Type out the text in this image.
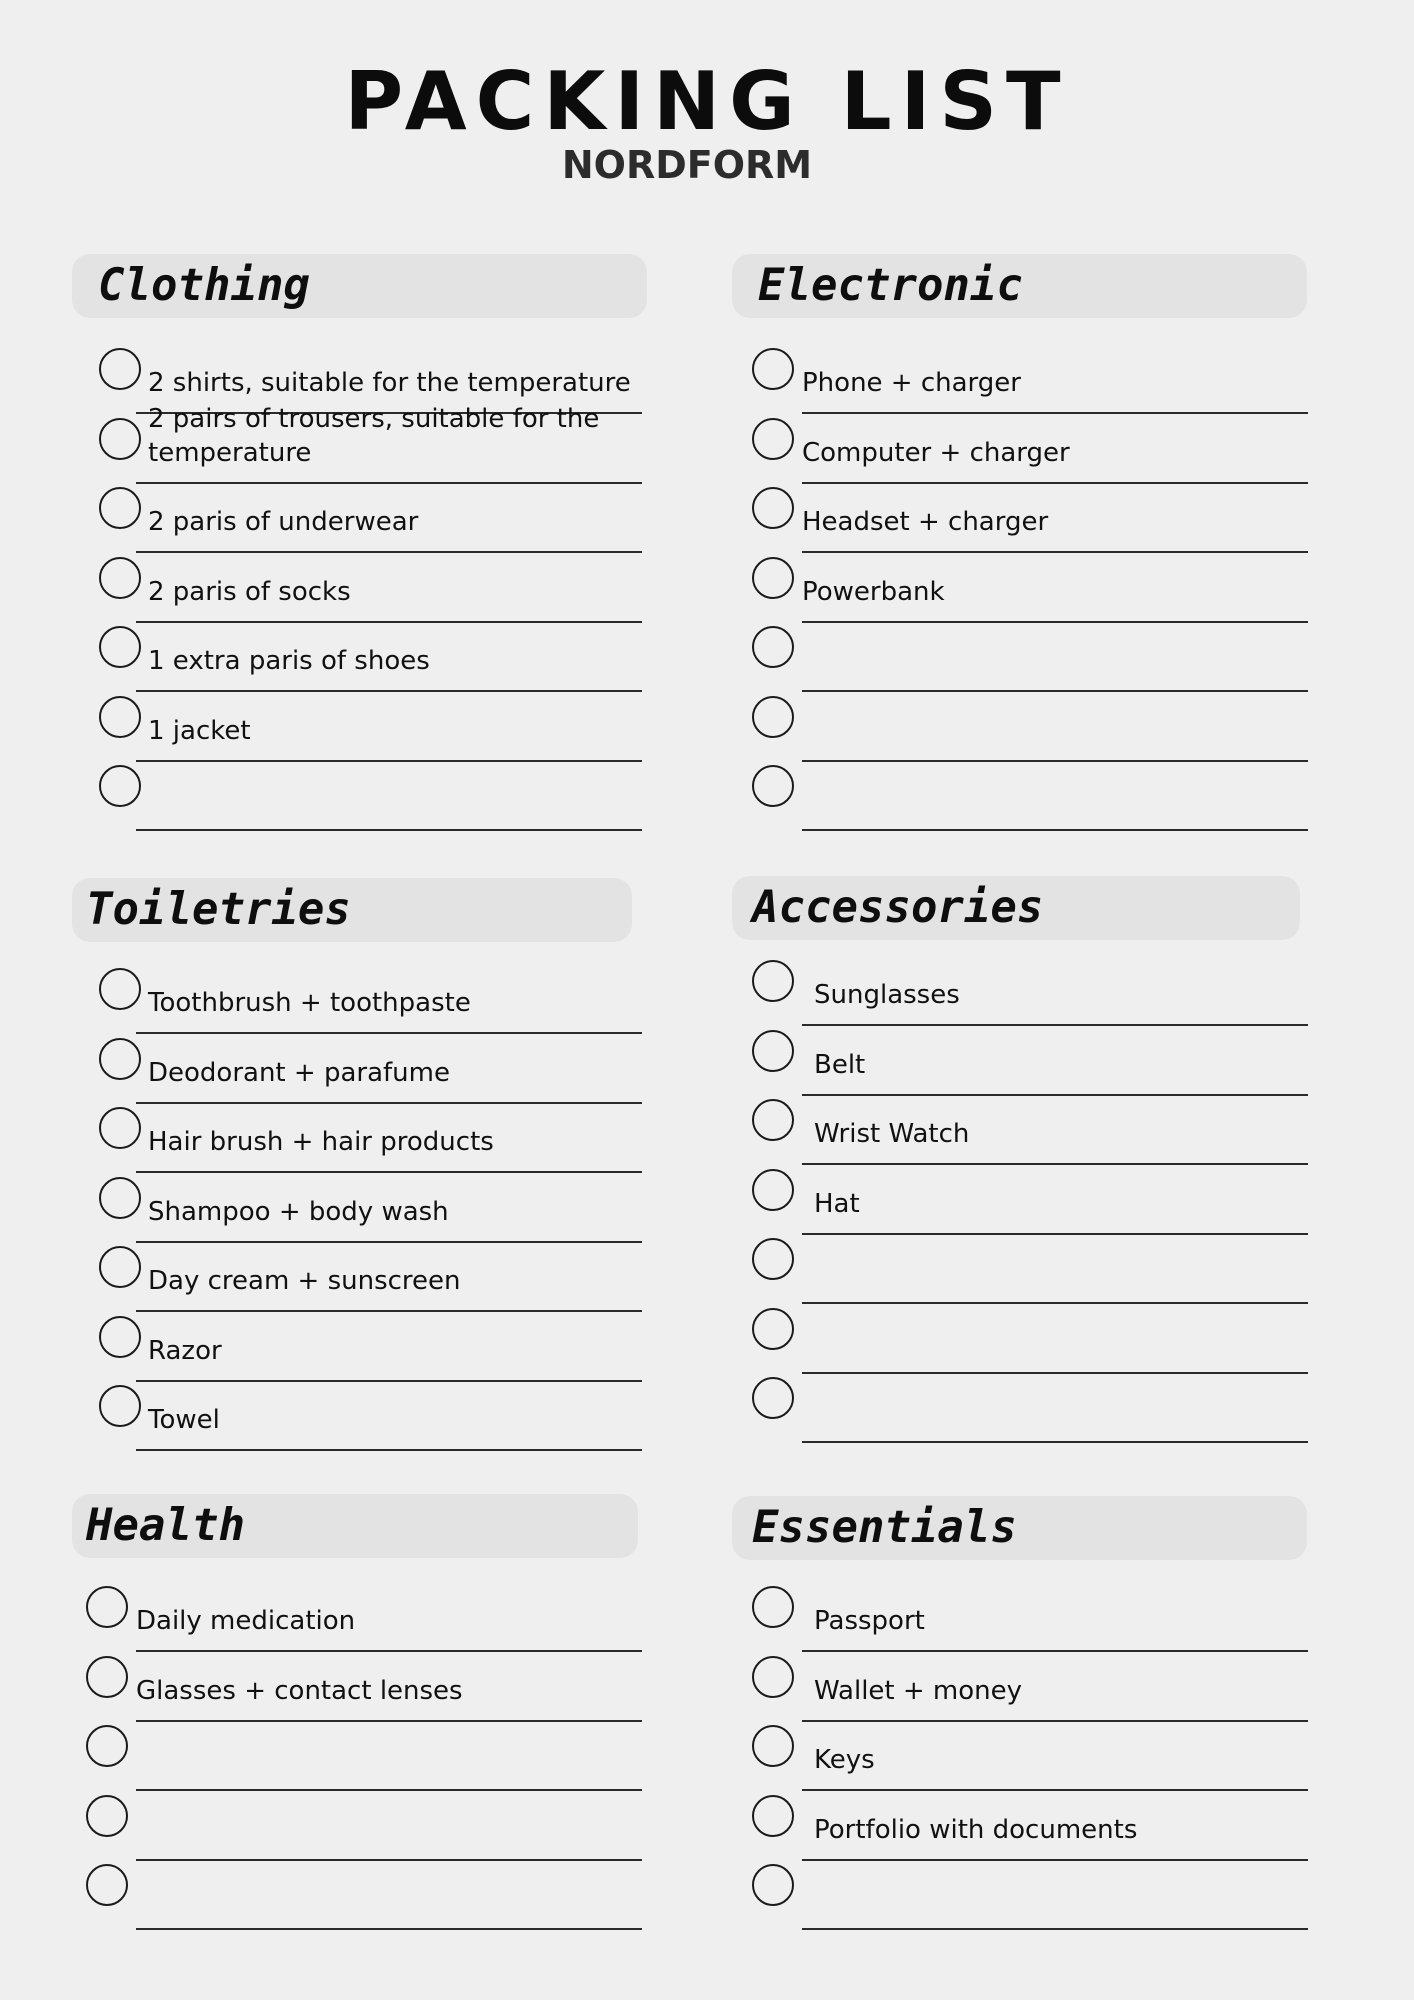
PACKING LIST
NORDFORM
Clothing
2 shirts, suitable for the temperature
2 pairs of trousers, suitable for the temperature
2 paris of underwear
2 paris of socks
1 extra paris of shoes
1 jacket
Electronic
Phone + charger
Computer + charger
Headset + charger
Powerbank
Toiletries
Toothbrush + toothpaste
Deodorant + parafume
Hair brush + hair products
Shampoo + body wash
Day cream + sunscreen
Razor
Towel
Accessories
Sunglasses
Belt
Wrist Watch
Hat
Health
Daily medication
Glasses + contact lenses
Essentials
Passport
Wallet + money
Keys
Portfolio with documents
